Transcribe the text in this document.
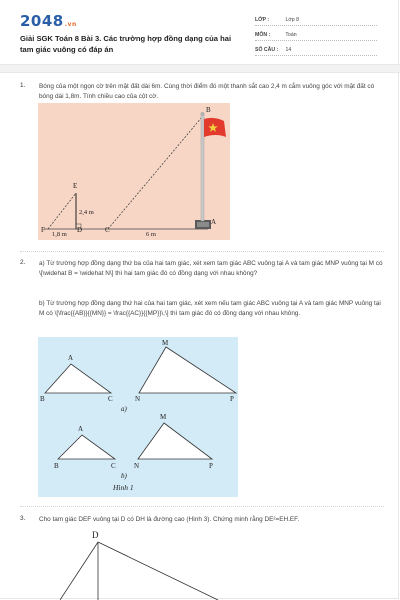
2048.vn
Giải SGK Toán 8 Bài 3. Các trường hợp đồng dạng của hai tam giác vuông có đáp án
LỚP :	Lớp 8
MÔN :	Toán
SỐ CÂU : 14
1. Bóng của một ngọn cờ trên mặt đất dài 6m. Cùng thời điểm đó một thanh sắt cao 2,4 m cắm vuông góc với mặt đất có bóng dài 1,8m. Tính chiều cao của cột cờ.
E
F	D	C
B
A
2,4 m
1,8 m	6 m
2. a) Từ trường hợp đồng dạng thứ ba của hai tam giác, xét xem tam giác ABC vuông tại A và tam giác MNP vuông tại M có \[\widehat B = \widehat N\] thì hai tam giác đó có đồng dạng với nhau không?
b) Từ trường hợp đồng dạng thứ hai của hai tam giác, xét xem nếu tam giác ABC vuông tại A và tam giác MNP vuông tại M có \[\frac{{AB}}{{MN}} = \frac{{AC}}{{MP}}\,\] thì tam giác đó có đồng dạng với nhau không.
A
B	C
M
N	P
a)
A
B	C
M
N	P
b)
Hình 1
3. Cho tam giác DEF vuông tại D có DH là đường cao (Hình 3). Chứng minh rằng DE²=EH.EF.
D
